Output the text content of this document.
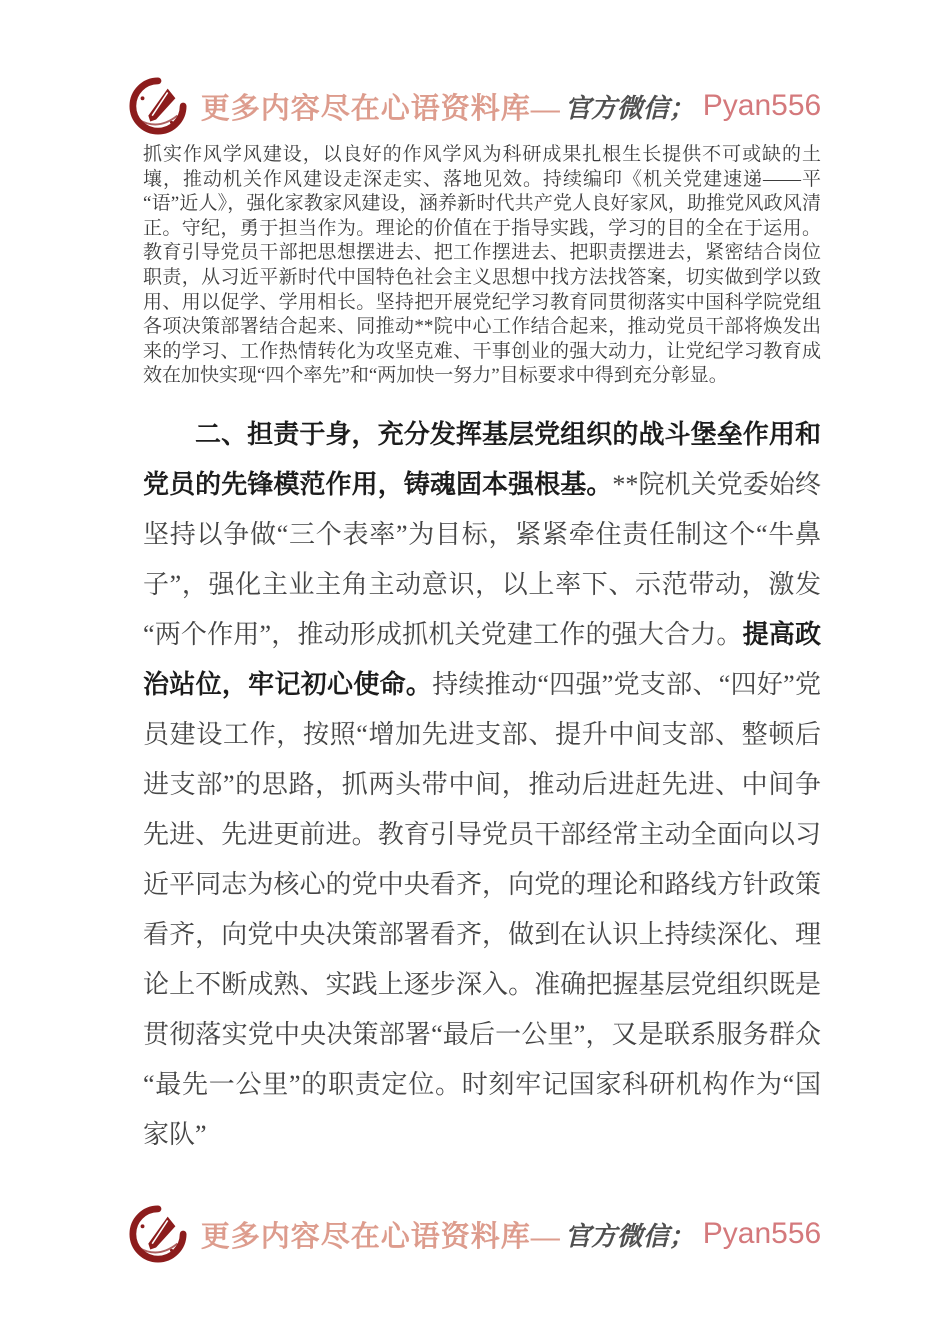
更多内容尽在心语资料库— 官方微信； Pyan556

抓实作风学风建设，以良好的作风学风为科研成果扎根生长提供不可或缺的土壤，推动机关作风建设走深走实、落地见效。持续编印《机关党建速递——平“语”近人》，强化家教家风建设，涵养新时代共产党人良好家风，助推党风政风清正。守纪，勇于担当作为。理论的价值在于指导实践，学习的目的全在于运用。教育引导党员干部把思想摆进去、把工作摆进去、把职责摆进去，紧密结合岗位职责，从习近平新时代中国特色社会主义思想中找方法找答案，切实做到学以致用、用以促学、学用相长。坚持把开展党纪学习教育同贯彻落实中国科学院党组各项决策部署结合起来、同推动**院中心工作结合起来，推动党员干部将焕发出来的学习、工作热情转化为攻坚克难、干事创业的强大动力，让党纪学习教育成效在加快实现“四个率先”和“两加快一努力”目标要求中得到充分彰显。

二、担责于身，充分发挥基层党组织的战斗堡垒作用和党员的先锋模范作用，铸魂固本强根基。**院机关党委始终坚持以争做“三个表率”为目标，紧紧牵住责任制这个“牛鼻子”，强化主业主角主动意识，以上率下、示范带动，激发“两个作用”，推动形成抓机关党建工作的强大合力。提高政治站位，牢记初心使命。持续推动“四强”党支部、“四好”党员建设工作，按照“增加先进支部、提升中间支部、整顿后进支部”的思路，抓两头带中间，推动后进赶先进、中间争先进、先进更前进。教育引导党员干部经常主动全面向以习近平同志为核心的党中央看齐，向党的理论和路线方针政策看齐，向党中央决策部署看齐，做到在认识上持续深化、理论上不断成熟、实践上逐步深入。准确把握基层党组织既是贯彻落实党中央决策部署“最后一公里”，又是联系服务群众“最先一公里”的职责定位。时刻牢记国家科研机构作为“国家队”

更多内容尽在心语资料库— 官方微信； Pyan556
